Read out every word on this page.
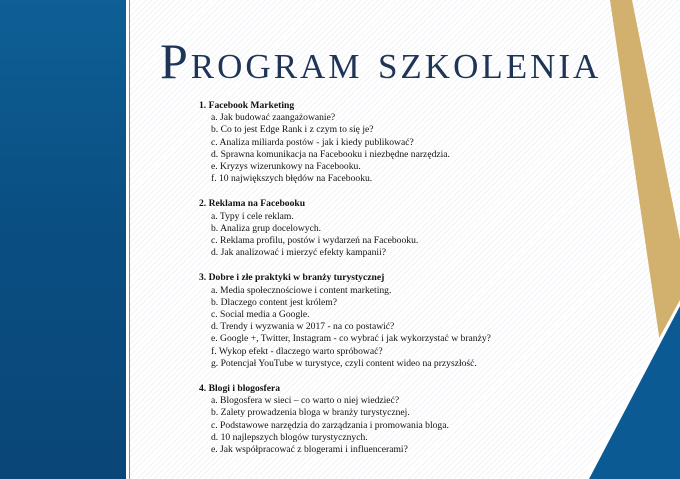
Program szkolenia
1. Facebook Marketing
a. Jak budować zaangażowanie?
b. Co to jest Edge Rank i z czym to się je?
c. Analiza miliarda postów - jak i kiedy publikować?
d. Sprawna komunikacja na Facebooku i niezbędne narzędzia.
e. Kryzys wizerunkowy na Facebooku.
f. 10 największych błędów na Facebooku.
2. Reklama na Facebooku
a. Typy i cele reklam.
b. Analiza grup docelowych.
c. Reklama profilu, postów i wydarzeń na Facebooku.
d. Jak analizować i mierzyć efekty kampanii?
3. Dobre i złe praktyki w branży turystycznej
a. Media społecznościowe i content marketing.
b. Dlaczego content jest królem?
c. Social media a Google.
d. Trendy i wyzwania w 2017 - na co postawić?
e. Google +, Twitter, Instagram - co wybrać i jak wykorzystać w branży?
f. Wykop efekt - dlaczego warto spróbować?
g. Potencjał YouTube w turystyce, czyli content wideo na przyszłość.
4. Blogi i blogosfera
a. Blogosfera w sieci – co warto o niej wiedzieć?
b. Zalety prowadzenia bloga w branży turystycznej.
c. Podstawowe narzędzia do zarządzania i promowania bloga.
d. 10 najlepszych blogów turystycznych.
e. Jak współpracować z blogerami i influencerami?
